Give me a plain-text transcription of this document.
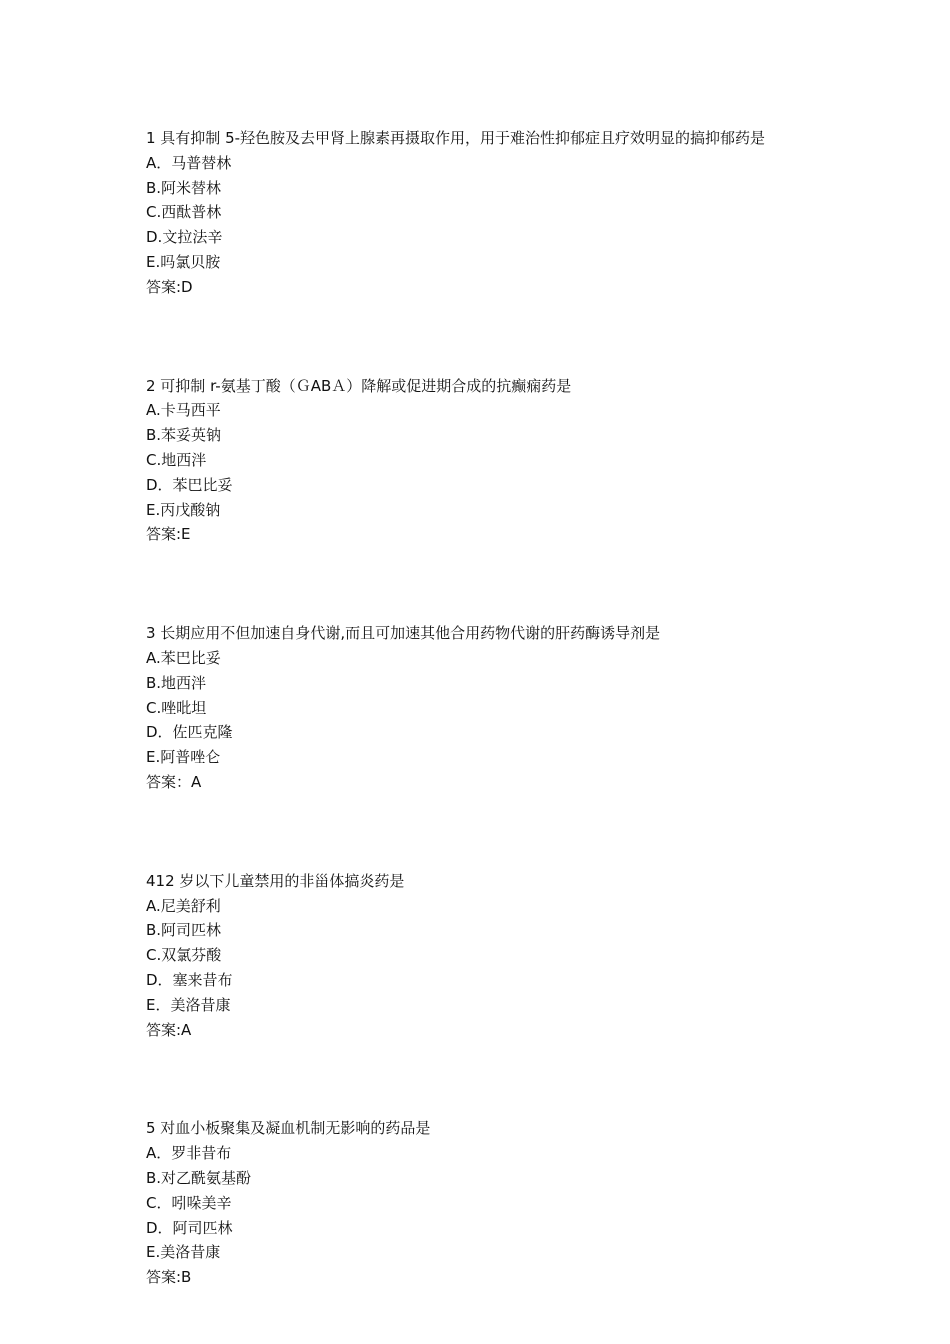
1 具有抑制 5-羟色胺及去甲肾上腺素再摄取作用，用于难治性抑郁症且疗效明显的搞抑郁药是
A．马普替林
B.阿米替林
C.西酞普林
D.文拉法辛
E.吗氯贝胺
答案:D
2 可抑制 r-氨基丁酸（ＧABＡ）降解或促进期合成的抗癫痫药是
A.卡马西平
B.苯妥英钠
C.地西泮
D．苯巴比妥
E.丙戊酸钠
答案:E
3 长期应用不但加速自身代谢,而且可加速其他合用药物代谢的肝药酶诱导剂是
A.苯巴比妥
B.地西泮
C.唑吡坦
D．佐匹克隆
E.阿普唑仑
答案：A
412 岁以下儿童禁用的非甾体搞炎药是
A.尼美舒利
B.阿司匹林
C.双氯芬酸
D．塞来昔布
E．美洛昔康
答案:A
5 对血小板聚集及凝血机制无影响的药品是
A．罗非昔布
B.对乙酰氨基酚
C．吲哚美辛
D．阿司匹林
E.美洛昔康
答案:B
